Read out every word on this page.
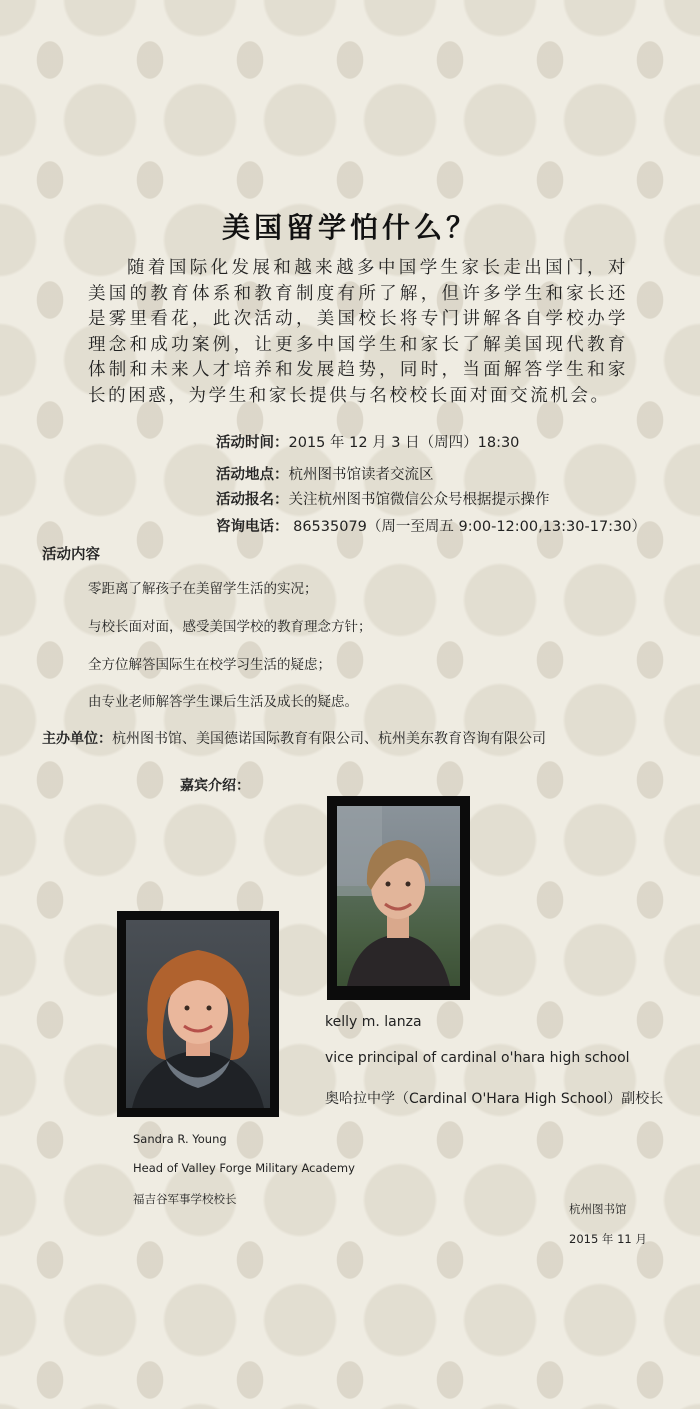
美国留学怕什么？

随着国际化发展和越来越多中国学生家长走出国门，对美国的教育体系和教育制度有所了解，但许多学生和家长还是雾里看花，此次活动，美国校长将专门讲解各自学校办学理念和成功案例，让更多中国学生和家长了解美国现代教育体制和未来人才培养和发展趋势，同时，当面解答学生和家长的困惑，为学生和家长提供与名校校长面对面交流机会。

活动时间：2015 年 12 月 3 日（周四）18:30
活动地点：杭州图书馆读者交流区
活动报名：关注杭州图书馆微信公众号根据提示操作
咨询电话： 86535079（周一至周五 9:00-12:00,13:30-17:30）
活动内容
零距离了解孩子在美留学生活的实况；
与校长面对面，感受美国学校的教育理念方针；
全方位解答国际生在校学习生活的疑虑；
由专业老师解答学生课后生活及成长的疑虑。
主办单位：杭州图书馆、美国德诺国际教育有限公司、杭州美东教育咨询有限公司
嘉宾介绍：
kelly m. lanza
vice principal of cardinal o'hara high school
奥哈拉中学（Cardinal O'Hara High School）副校长
Sandra R. Young
Head of Valley Forge Military Academy
福吉谷军事学校校长
杭州图书馆
2015 年 11 月
